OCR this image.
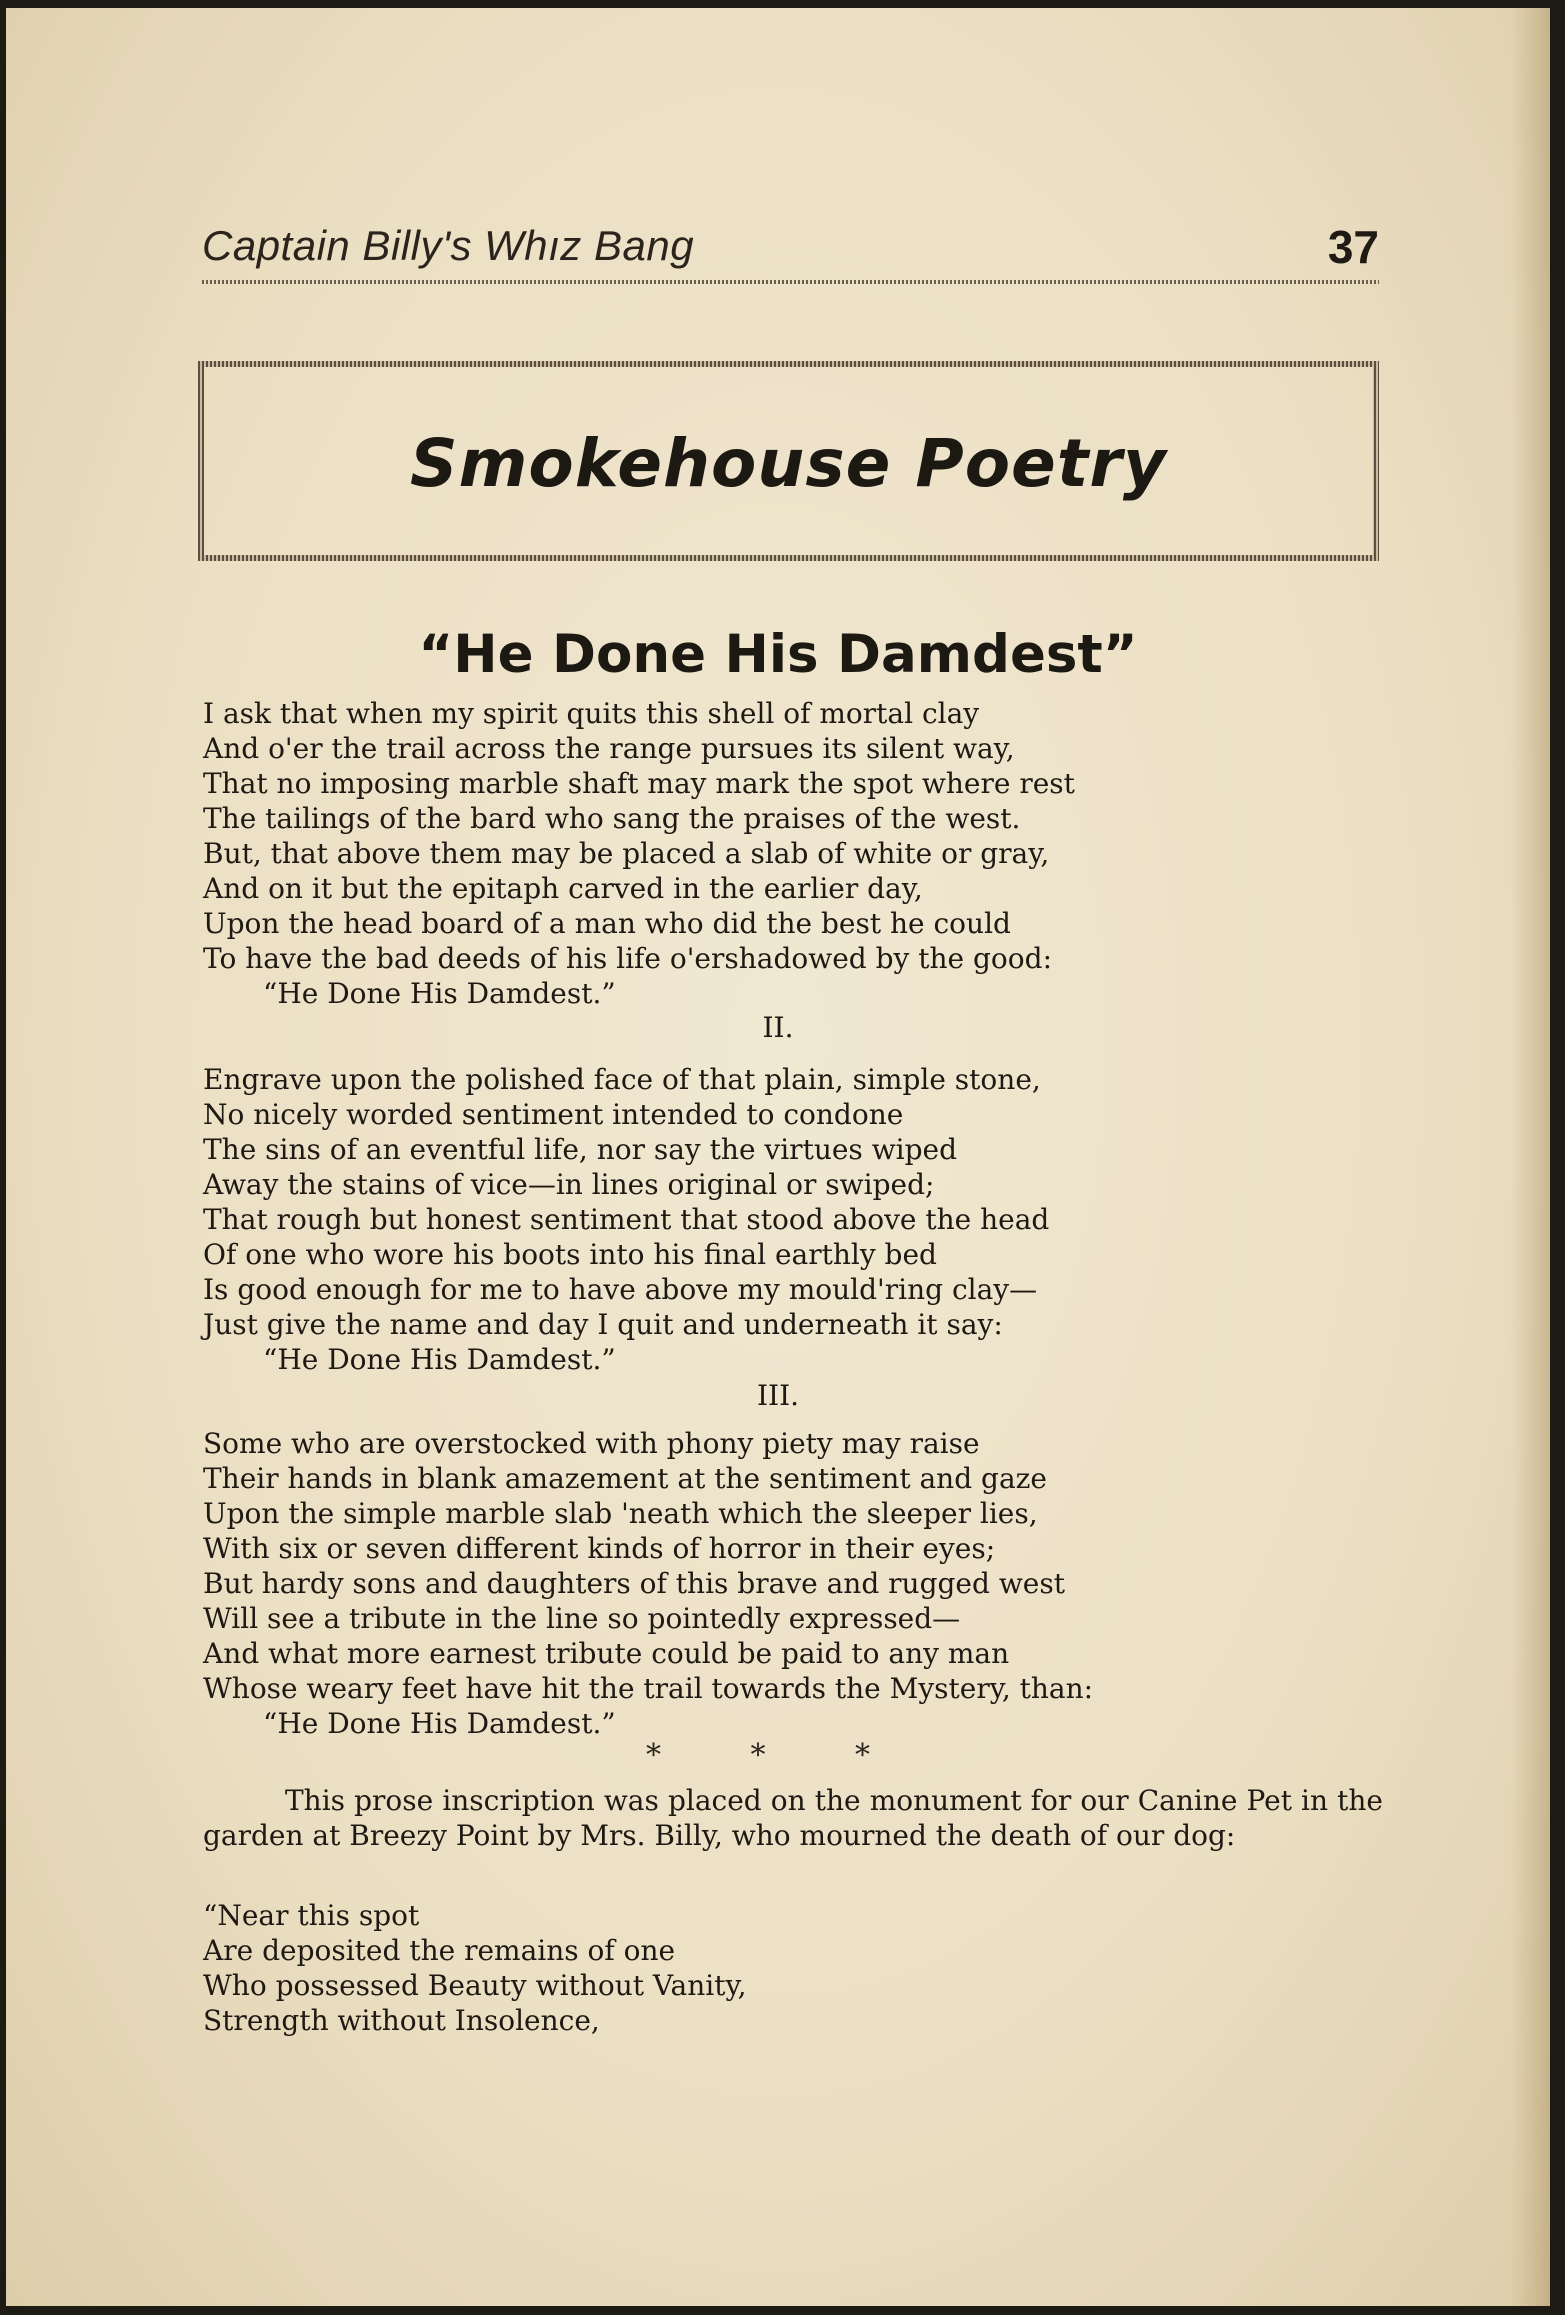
Captain Billy's Whız Bang	37
Smokehouse Poetry
“He Done His Damdest”
I ask that when my spirit quits this shell of mortal clay
And o'er the trail across the range pursues its silent way,
That no imposing marble shaft may mark the spot where rest
The tailings of the bard who sang the praises of the west.
But, that above them may be placed a slab of white or gray,
And on it but the epitaph carved in the earlier day,
Upon the head board of a man who did the best he could
To have the bad deeds of his life o'ershadowed by the good:
“He Done His Damdest.”
II.
Engrave upon the polished face of that plain, simple stone,
No nicely worded sentiment intended to condone
The sins of an eventful life, nor say the virtues wiped
Away the stains of vice—in lines original or swiped;
That rough but honest sentiment that stood above the head
Of one who wore his boots into his final earthly bed
Is good enough for me to have above my mould'ring clay—
Just give the name and day I quit and underneath it say:
“He Done His Damdest.”
III.
Some who are overstocked with phony piety may raise
Their hands in blank amazement at the sentiment and gaze
Upon the simple marble slab 'neath which the sleeper lies,
With six or seven different kinds of horror in their eyes;
But hardy sons and daughters of this brave and rugged west
Will see a tribute in the line so pointedly expressed—
And what more earnest tribute could be paid to any man
Whose weary feet have hit the trail towards the Mystery, than:
“He Done His Damdest.”
* * *
This prose inscription was placed on the monument for our Canine Pet in the garden at Breezy Point by Mrs. Billy, who mourned the death of our dog:
“Near this spot
Are deposited the remains of one
Who possessed Beauty without Vanity,
Strength without Insolence,
